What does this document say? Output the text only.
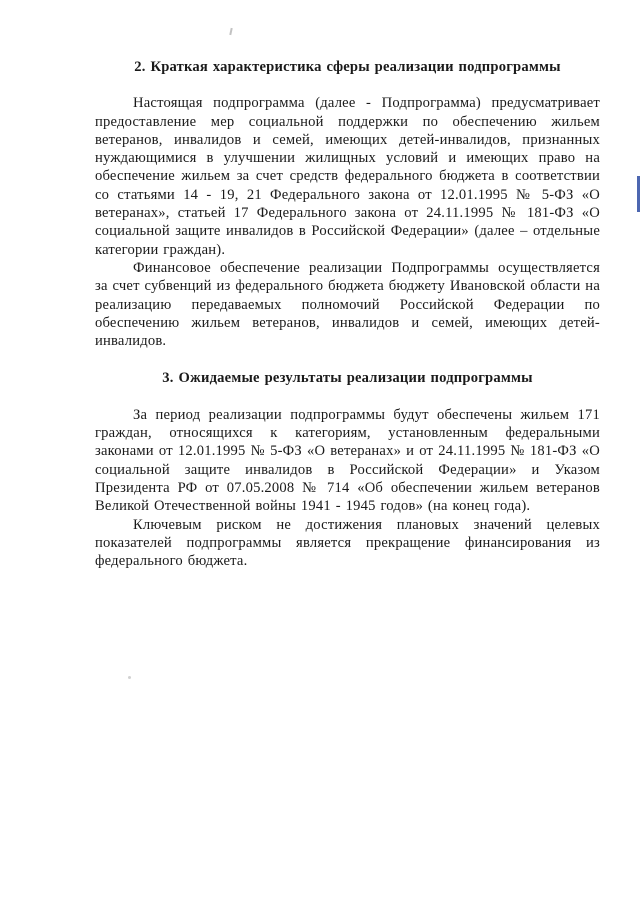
2. Краткая характеристика сферы реализации подпрограммы

Настоящая подпрограмма (далее - Подпрограмма) предусматривает предоставление мер социальной поддержки по обеспечению жильем ветеранов, инвалидов и семей, имеющих детей-инвалидов, признанных нуждающимися в улучшении жилищных условий и имеющих право на обеспечение жильем за счет средств федерального бюджета в соответствии со статьями 14 - 19, 21 Федерального закона от 12.01.1995 № 5-ФЗ «О ветеранах», статьей 17 Федерального закона от 24.11.1995 № 181-ФЗ «О социальной защите инвалидов в Российской Федерации» (далее – отдельные категории граждан).

Финансовое обеспечение реализации Подпрограммы осуществляется за счет субвенций из федерального бюджета бюджету Ивановской области на реализацию передаваемых полномочий Российской Федерации по обеспечению жильем ветеранов, инвалидов и семей, имеющих детей-инвалидов.

3. Ожидаемые результаты реализации подпрограммы

За период реализации подпрограммы будут обеспечены жильем 171 граждан, относящихся к категориям, установленным федеральными законами от 12.01.1995 № 5-ФЗ «О ветеранах» и от 24.11.1995 № 181-ФЗ «О социальной защите инвалидов в Российской Федерации» и Указом Президента РФ от 07.05.2008 № 714 «Об обеспечении жильем ветеранов Великой Отечественной войны 1941 - 1945 годов» (на конец года).

Ключевым риском не достижения плановых значений целевых показателей подпрограммы является прекращение финансирования из федерального бюджета.
